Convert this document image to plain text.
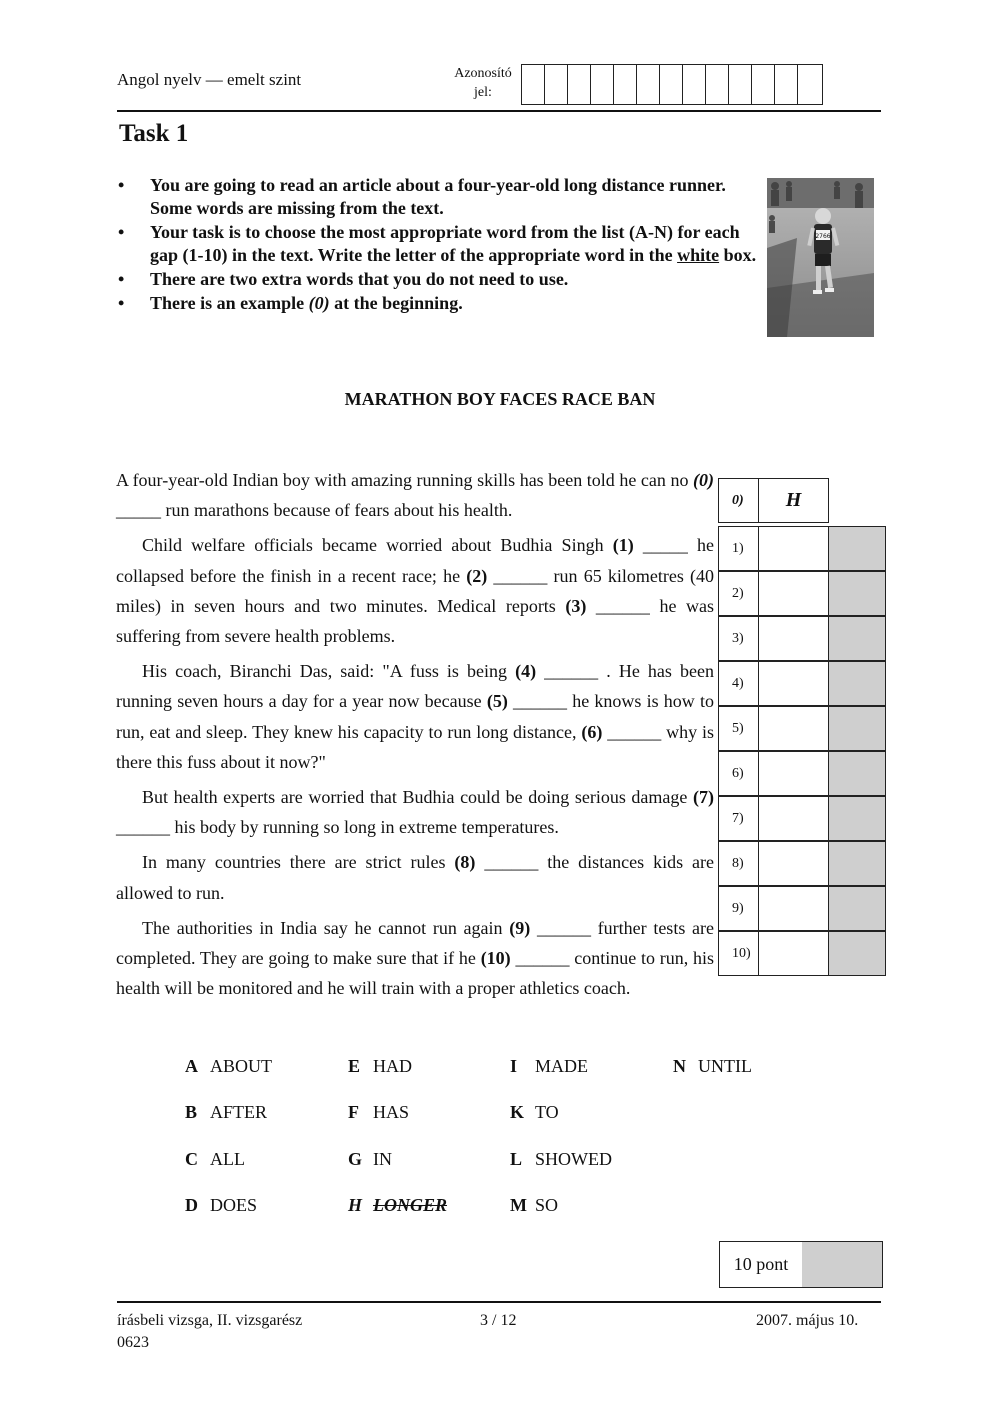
Angol nyelv — emelt szint	Azonosító
jel:
Task 1
• You are going to read an article about a four-year-old long distance runner. Some words are missing from the text.
• Your task is to choose the most appropriate word from the list (A-N) for each gap (1-10) in the text. Write the letter of the appropriate word in the white box.
• There are two extra words that you do not need to use.
• There is an example (0) at the beginning.
2766
MARATHON BOY FACES RACE BAN

A four-year-old Indian boy with amazing running skills has been told he can no (0) _____ run marathons because of fears about his health.

Child welfare officials became worried about Budhia Singh (1) _____ he collapsed before the finish in a recent race; he (2) ______ run 65 kilometres (40 miles) in seven hours and two minutes. Medical reports (3) ______ he was suffering from severe health problems.

His coach, Biranchi Das, said: "A fuss is being (4) ______ . He has been running seven hours a day for a year now because (5) ______ he knows is how to run, eat and sleep. They knew his capacity to run long distance, (6) ______ why is there this fuss about it now?"

But health experts are worried that Budhia could be doing serious damage (7) ______ his body by running so long in extreme temperatures.

In many countries there are strict rules (8) ______ the distances kids are allowed to run.

The authorities in India say he cannot run again (9) ______ further tests are completed. They are going to make sure that if he (10) ______ continue to run, his health will be monitored and he will train with a proper athletics coach.

0)	H
1)
2)
3)
4)
5)
6)
7)
8)
9)
10)
A ABOUT
B AFTER
C ALL
D DOES
E HAD
F HAS
G IN
H LONGER
I MADE
K TO
L SHOWED
M SO
N UNTIL
10 pont
írásbeli vizsga, II. vizsgarész
0623
3 / 12	2007. május 10.
